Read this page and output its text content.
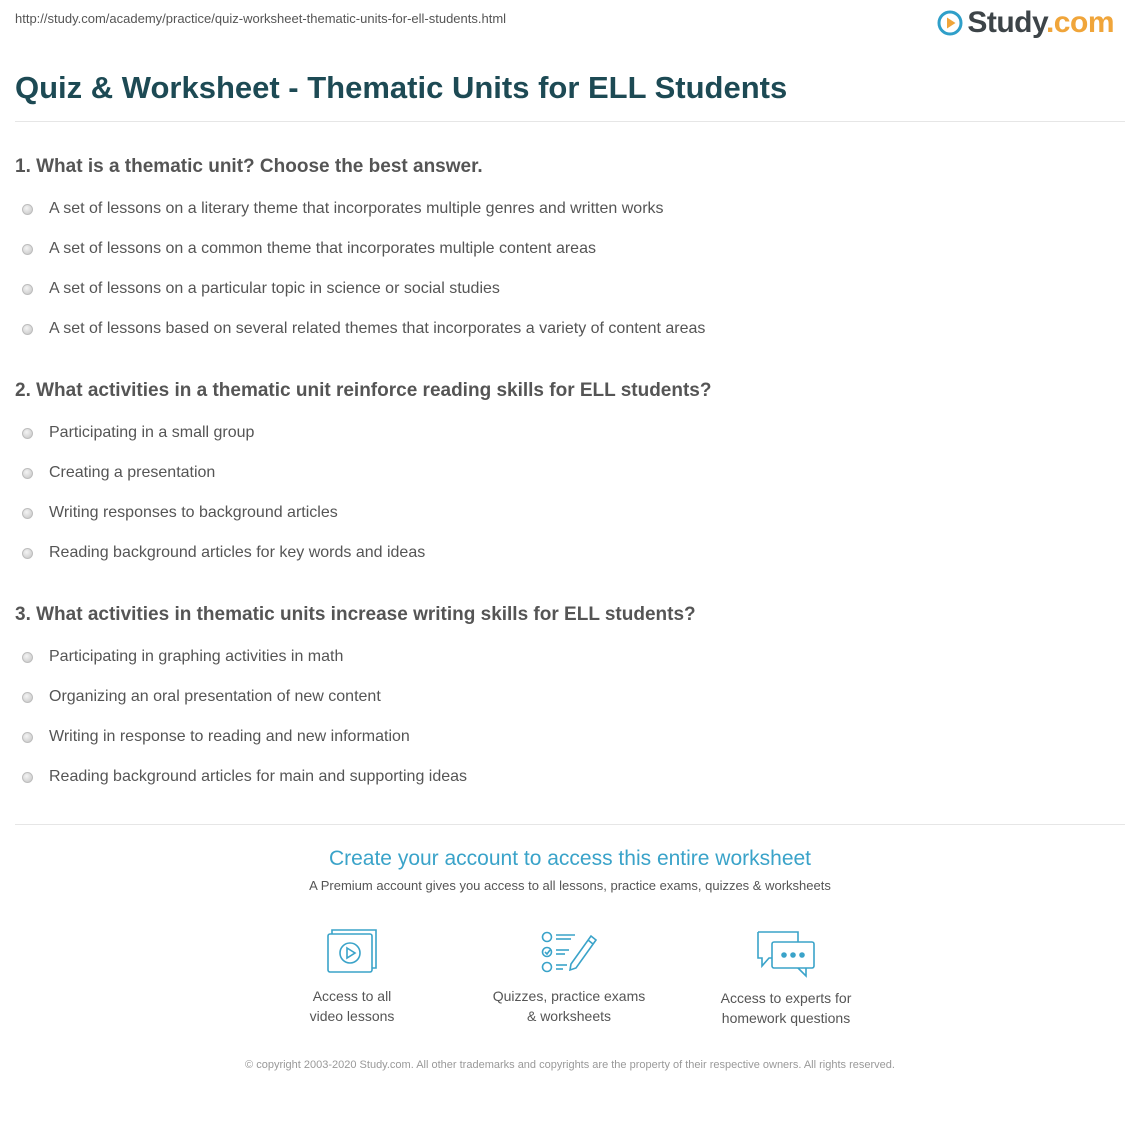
http://study.com/academy/practice/quiz-worksheet-thematic-units-for-ell-students.html	Study.com
Quiz & Worksheet - Thematic Units for ELL Students
1. What is a thematic unit? Choose the best answer.
A set of lessons on a literary theme that incorporates multiple genres and written works
A set of lessons on a common theme that incorporates multiple content areas
A set of lessons on a particular topic in science or social studies
A set of lessons based on several related themes that incorporates a variety of content areas
2. What activities in a thematic unit reinforce reading skills for ELL students?
Participating in a small group
Creating a presentation
Writing responses to background articles
Reading background articles for key words and ideas
3. What activities in thematic units increase writing skills for ELL students?
Participating in graphing activities in math
Organizing an oral presentation of new content
Writing in response to reading and new information
Reading background articles for main and supporting ideas
Create your account to access this entire worksheet
A Premium account gives you access to all lessons, practice exams, quizzes & worksheets
Access to all
video lessons
Quizzes, practice exams
& worksheets
Access to experts for
homework questions
© copyright 2003-2020 Study.com. All other trademarks and copyrights are the property of their respective owners. All rights reserved.
